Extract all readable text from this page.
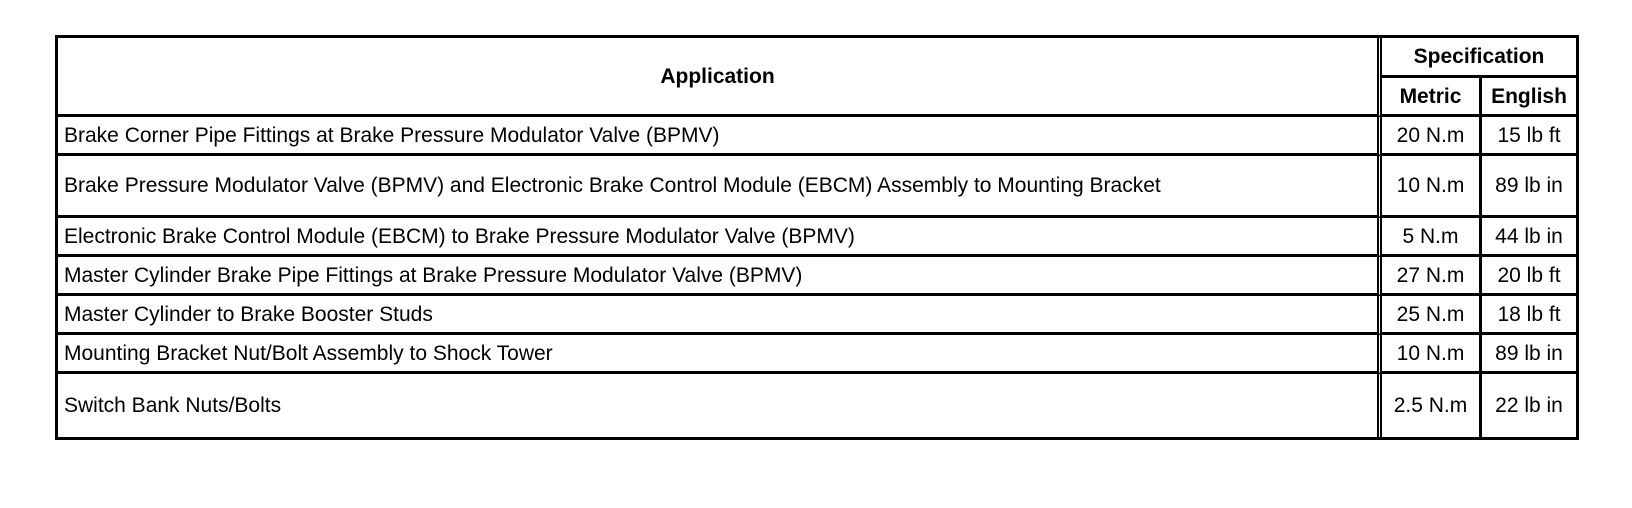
Application	Specification	
	Metric	English
Brake Corner Pipe Fittings at Brake Pressure Modulator Valve (BPMV)	20 N.m	15 lb ft
Brake Pressure Modulator Valve (BPMV) and Electronic Brake Control Module (EBCM) Assembly to Mounting Bracket	10 N.m	89 lb in
Electronic Brake Control Module (EBCM) to Brake Pressure Modulator Valve (BPMV)	5 N.m	44 lb in
Master Cylinder Brake Pipe Fittings at Brake Pressure Modulator Valve (BPMV)	27 N.m	20 lb ft
Master Cylinder to Brake Booster Studs	25 N.m	18 lb ft
Mounting Bracket Nut/Bolt Assembly to Shock Tower	10 N.m	89 lb in
Switch Bank Nuts/Bolts	2.5 N.m	22 lb in
